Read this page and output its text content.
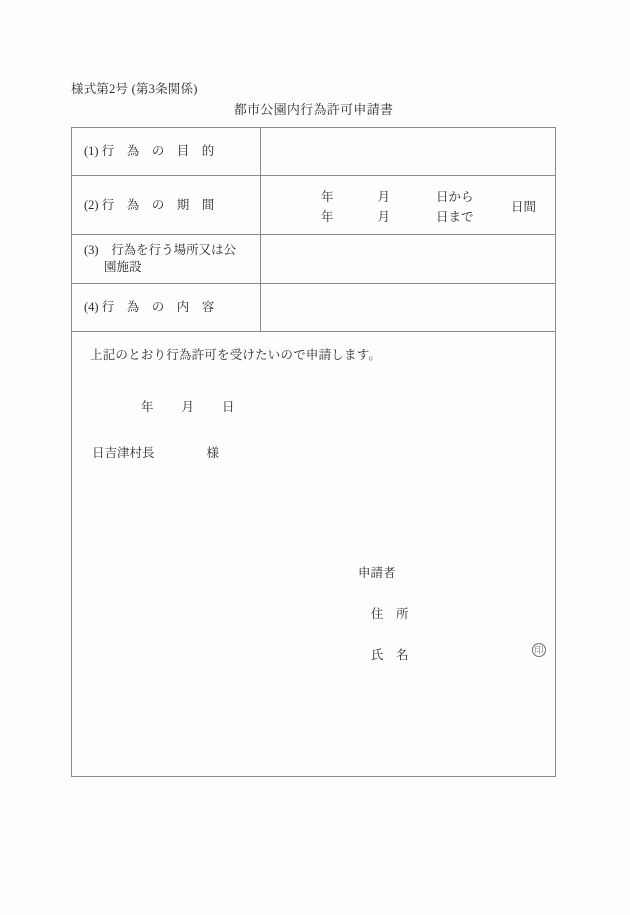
様式第2号 (第3条関係)
都市公園内行為許可申請書
(1) 行　為　の　目　的	
(2) 行　為　の　期　間	年 月 日から
年 月 日まで
日間

(3)　行為を行う場所又は公
園施設	

(4) 行　為　の　内　容	
上記のとおり行為許可を受けたいので申請します。
年 月 日
日吉津村長	様
申請者
住　所
氏　名	印
